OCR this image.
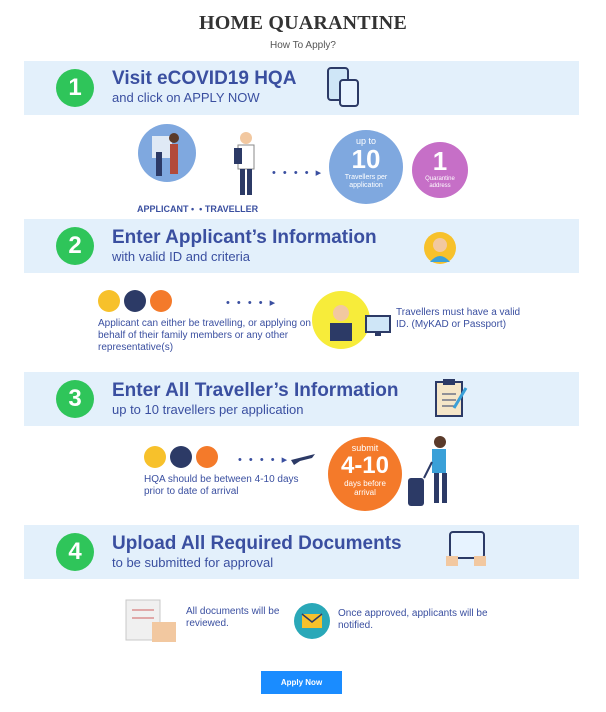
HOME QUARANTINE
How To Apply?
1	Visit eCOVID19 HQA
and click on APPLY NOW
APPLICANT •  • TRAVELLER
• • • • ▸
up to
10
Travellers per application
1
Quarantine address
2	Enter Applicant’s Information
with valid ID and criteria
Applicant can either be travelling, or applying on behalf of their family members or any other representative(s)
• • • • ▸
Travellers must have a valid ID. (MyKAD or Passport)
3	Enter All Traveller’s Information
up to 10 travellers per application
HQA should be between 4-10 days prior to date of arrival
• • • • ▸
submit
4-10
days before arrival
4	Upload All Required Documents
to be submitted for approval
All documents will be reviewed.
Once approved, applicants will be notified.
Apply Now
